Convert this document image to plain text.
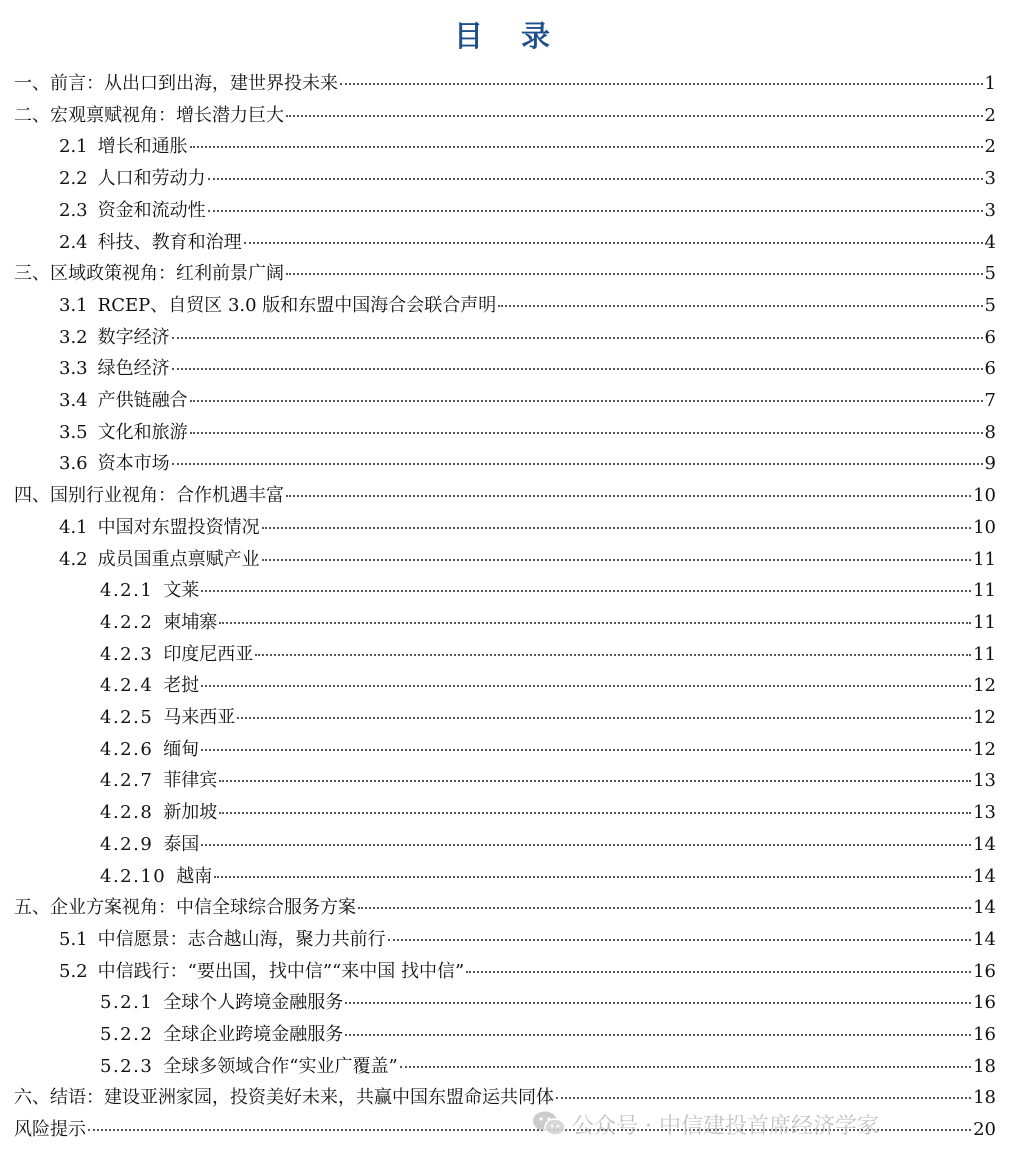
目 录
一、前言：从出口到出海，建世界投未来	1
二、宏观禀赋视角：增长潜力巨大	2
2.1 增长和通胀	2
2.2 人口和劳动力	3
2.3 资金和流动性	3
2.4 科技、教育和治理	4
三、区域政策视角：红利前景广阔	5
3.1 RCEP、自贸区 3.0 版和东盟中国海合会联合声明	5
3.2 数字经济	6
3.3 绿色经济	6
3.4 产供链融合	7
3.5 文化和旅游	8
3.6 资本市场	9
四、国别行业视角：合作机遇丰富	10
4.1 中国对东盟投资情况	10
4.2 成员国重点禀赋产业	11
4.2.1 文莱	11
4.2.2 柬埔寨	11
4.2.3 印度尼西亚	11
4.2.4 老挝	12
4.2.5 马来西亚	12
4.2.6 缅甸	12
4.2.7 菲律宾	13
4.2.8 新加坡	13
4.2.9 泰国	14
4.2.10 越南	14
五、企业方案视角：中信全球综合服务方案	14
5.1 中信愿景：志合越山海，聚力共前行	14
5.2 中信践行：“要出国，找中信”“来中国 找中信”	16
5.2.1 全球个人跨境金融服务	16
5.2.2 全球企业跨境金融服务	16
5.2.3 全球多领域合作“实业广覆盖”	18
六、结语：建设亚洲家园，投资美好未来，共赢中国东盟命运共同体	18
风险提示	20
公众号 · 中信建投首席经济学家
